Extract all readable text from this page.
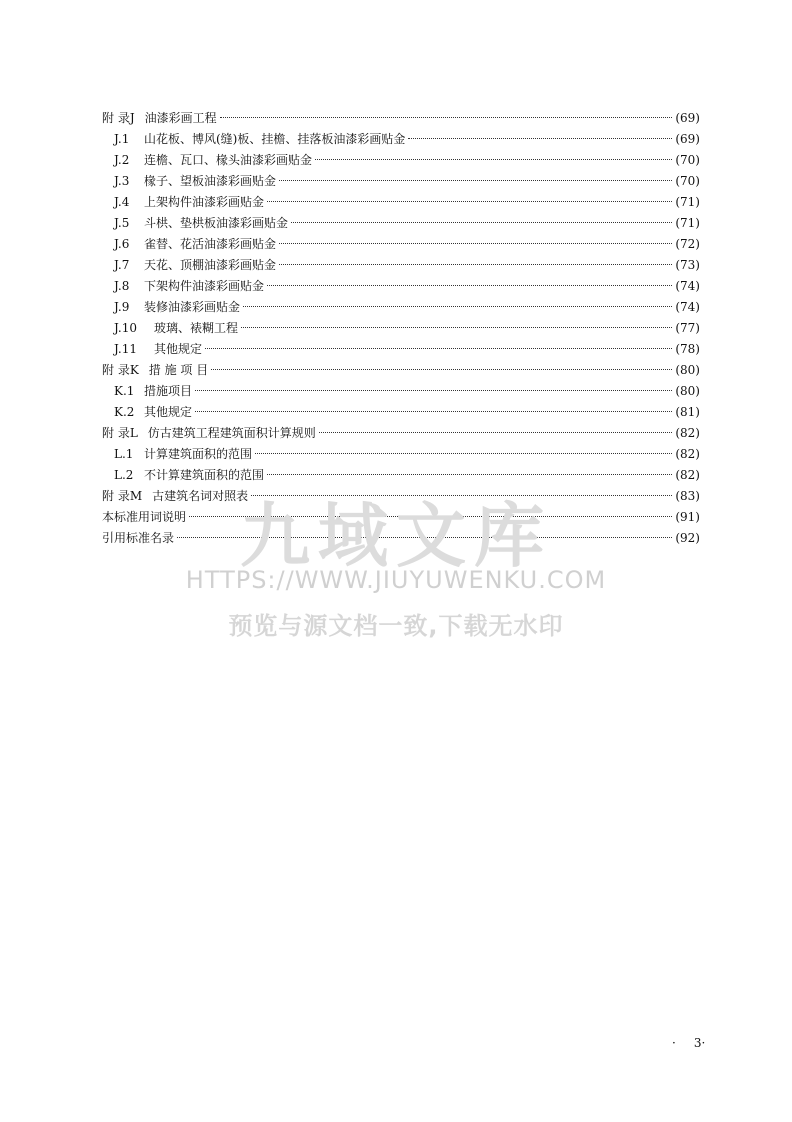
附 录J 油漆彩画工程	(69)
J.1	山花板、博风(缝)板、挂檐、挂落板油漆彩画贴金	(69)
J.2	连檐、瓦口、椽头油漆彩画贴金	(70)
J.3	椽子、望板油漆彩画贴金	(70)
J.4	上架构件油漆彩画贴金	(71)
J.5	斗栱、垫栱板油漆彩画贴金	(71)
J.6	雀替、花活油漆彩画贴金	(72)
J.7	天花、顶棚油漆彩画贴金	(73)
J.8	下架构件油漆彩画贴金	(74)
J.9	装修油漆彩画贴金	(74)
J.10	玻璃、裱糊工程	(77)
J.11	其他规定	(78)
附 录K 措 施 项 目	(80)
K.1 措施项目	(80)
K.2 其他规定	(81)
附 录L 仿古建筑工程建筑面积计算规则	(82)
L.1 计算建筑面积的范围	(82)
L.2 不计算建筑面积的范围	(82)
附 录M 古建筑名词对照表	(83)
本标准用词说明	(91)
引用标准名录	(92)
九域文库
HTTPS://WWW.JIUYUWENKU.COM
预览与源文档一致,下载无水印
· 3·
